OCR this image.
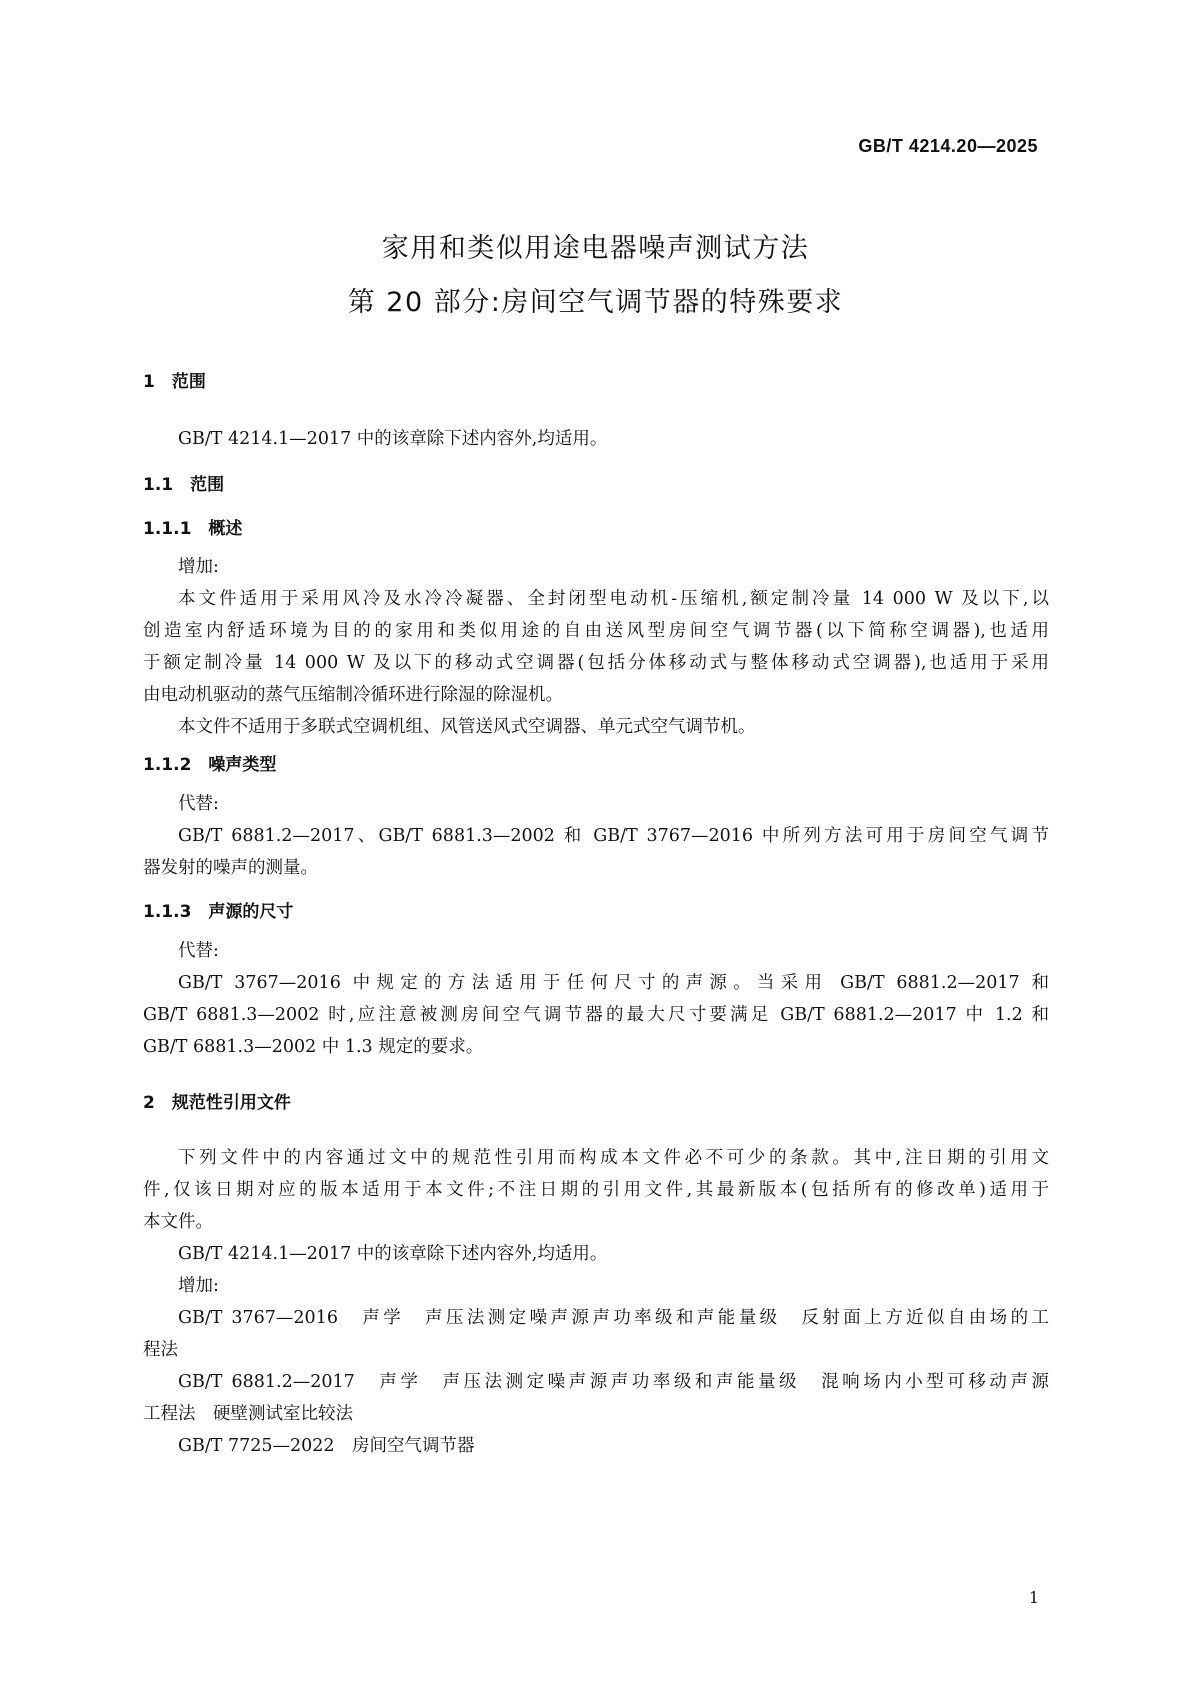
GB/T 4214.20—2025
家用和类似用途电器噪声测试方法
第 20 部分:房间空气调节器的特殊要求
1　范围
GB/T 4214.1—2017 中的该章除下述内容外,均适用。
1.1　范围
1.1.1　概述
增加:
本文件适用于采用风冷及水冷冷凝器、全封闭型电动机-压缩机,额定制冷量 14 000 W 及以下,以
创造室内舒适环境为目的的家用和类似用途的自由送风型房间空气调节器(以下简称空调器),也适用
于额定制冷量 14 000 W 及以下的移动式空调器(包括分体移动式与整体移动式空调器),也适用于采用
由电动机驱动的蒸气压缩制冷循环进行除湿的除湿机。
本文件不适用于多联式空调机组、风管送风式空调器、单元式空气调节机。
1.1.2　噪声类型
代替:
GB/T 6881.2—2017、GB/T 6881.3—2002 和 GB/T 3767—2016 中所列方法可用于房间空气调节
器发射的噪声的测量。
1.1.3　声源的尺寸
代替:
GB/T 3767—2016 中规定的方法适用于任何尺寸的声源。当采用 GB/T 6881.2—2017 和
GB/T 6881.3—2002 时,应注意被测房间空气调节器的最大尺寸要满足 GB/T 6881.2—2017 中 1.2 和
GB/T 6881.3—2002 中 1.3 规定的要求。
2　规范性引用文件
下列文件中的内容通过文中的规范性引用而构成本文件必不可少的条款。其中,注日期的引用文
件,仅该日期对应的版本适用于本文件;不注日期的引用文件,其最新版本(包括所有的修改单)适用于
本文件。
GB/T 4214.1—2017 中的该章除下述内容外,均适用。
增加:
GB/T 3767—2016　声学　声压法测定噪声源声功率级和声能量级　反射面上方近似自由场的工
程法
GB/T 6881.2—2017　声学　声压法测定噪声源声功率级和声能量级　混响场内小型可移动声源
工程法　硬壁测试室比较法
GB/T 7725—2022　房间空气调节器
1
